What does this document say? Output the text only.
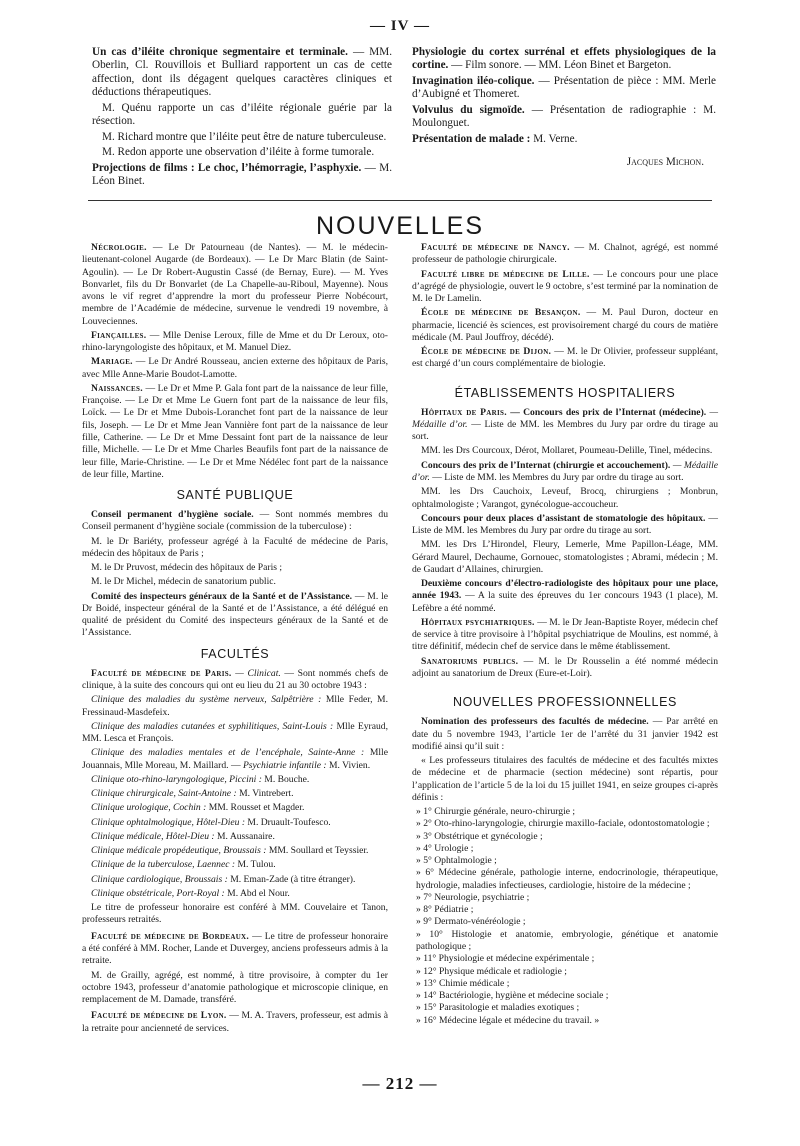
— IV —

Un cas d’iléite chronique segmentaire et terminale. — MM. Oberlin, Cl. Rouvillois et Bulliard rapportent un cas de cette affection, dont ils dégagent quelques caractères cliniques et déductions thérapeutiques.

M. Quénu rapporte un cas d’iléite régionale guérie par la résection.

M. Richard montre que l’iléite peut être de nature tuberculeuse.

M. Redon apporte une observation d’iléite à forme tumorale.

Projections de films : Le choc, l’hémorragie, l’asphyxie. — M. Léon Binet.

Physiologie du cortex surrénal et effets physiologiques de la cortine. — Film sonore. — MM. Léon Binet et Bargeton.

Invagination iléo-colique. — Présentation de pièce : MM. Merle d’Aubigné et Thomeret.

Volvulus du sigmoïde. — Présentation de radiographie : M. Moulonguet.

Présentation de malade : M. Verne.

Jacques Michon.
NOUVELLES

Nécrologie. — Le Dr Patourneau (de Nantes). — M. le médecin-lieutenant-colonel Augarde (de Bordeaux). — Le Dr Marc Blatin (de Saint-Agoulin). — Le Dr Robert-Augustin Cassé (de Bernay, Eure). — M. Yves Bonvarlet, fils du Dr Bonvarlet (de La Chapelle-au-Riboul, Mayenne). Nous avons le vif regret d’apprendre la mort du professeur Pierre Nobécourt, membre de l’Académie de médecine, survenue le vendredi 19 novembre, à Louveciennes.

Fiançailles. — Mlle Denise Leroux, fille de Mme et du Dr Leroux, oto-rhino-laryngologiste des hôpitaux, et M. Manuel Diez.

Mariage. — Le Dr André Rousseau, ancien externe des hôpitaux de Paris, avec Mlle Anne-Marie Boudot-Lamotte.

Naissances. — Le Dr et Mme P. Gala font part de la naissance de leur fille, Françoise. — Le Dr et Mme Le Guern font part de la naissance de leur fils, Loïck. — Le Dr et Mme Dubois-Loranchet font part de la naissance de leur fils, Joseph. — Le Dr et Mme Jean Vannière font part de la naissance de leur fille, Catherine. — Le Dr et Mme Dessaint font part de la naissance de leur fille, Michelle. — Le Dr et Mme Charles Beaufils font part de la naissance de leur fille, Marie-Christine. — Le Dr et Mme Nédélec font part de la naissance de leur fille, Martine.

SANTÉ PUBLIQUE

Conseil permanent d’hygiène sociale. — Sont nommés membres du Conseil permanent d’hygiène sociale (commission de la tuberculose) :

M. le Dr Bariéty, professeur agrégé à la Faculté de médecine de Paris, médecin des hôpitaux de Paris ;

M. le Dr Pruvost, médecin des hôpitaux de Paris ;

M. le Dr Michel, médecin de sanatorium public.

Comité des inspecteurs généraux de la Santé et de l’Assistance. — M. le Dr Boidé, inspecteur général de la Santé et de l’Assistance, a été délégué en qualité de président du Comité des inspecteurs généraux de la Santé et de l’Assistance.

FACULTÉS

Faculté de médecine de Paris. — Clinicat. — Sont nommés chefs de clinique, à la suite des concours qui ont eu lieu du 21 au 30 octobre 1943 :

Clinique des maladies du système nerveux, Salpêtrière : Mlle Feder, M. Fressinaud-Masdefeix.

Clinique des maladies cutanées et syphilitiques, Saint-Louis : Mlle Eyraud, MM. Lesca et François.

Clinique des maladies mentales et de l’encéphale, Sainte-Anne : Mlle Jouannais, Mlle Moreau, M. Maillard. — Psychiatrie infantile : M. Vivien.

Clinique oto-rhino-laryngologique, Piccini : M. Bouche.

Clinique chirurgicale, Saint-Antoine : M. Vintrebert.

Clinique urologique, Cochin : MM. Rousset et Magder.

Clinique ophtalmologique, Hôtel-Dieu : M. Druault-Toufesco.

Clinique médicale, Hôtel-Dieu : M. Aussanaire.

Clinique médicale propédeutique, Broussais : MM. Soullard et Teyssier.

Clinique de la tuberculose, Laennec : M. Tulou.

Clinique cardiologique, Broussais : M. Eman-Zade (à titre étranger).

Clinique obstétricale, Port-Royal : M. Abd el Nour.

Le titre de professeur honoraire est conféré à MM. Couvelaire et Tanon, professeurs retraités.

Faculté de médecine de Bordeaux. — Le titre de professeur honoraire a été conféré à MM. Rocher, Lande et Duvergey, anciens professeurs admis à la retraite.

M. de Grailly, agrégé, est nommé, à titre provisoire, à compter du 1er octobre 1943, professeur d’anatomie pathologique et microscopie clinique, en remplacement de M. Damade, transféré.

Faculté de médecine de Lyon. — M. A. Travers, professeur, est admis à la retraite pour ancienneté de services.

Faculté de médecine de Nancy. — M. Chalnot, agrégé, est nommé professeur de pathologie chirurgicale.

Faculté libre de médecine de Lille. — Le concours pour une place d’agrégé de physiologie, ouvert le 9 octobre, s’est terminé par la nomination de M. le Dr Lamelin.

École de médecine de Besançon. — M. Paul Duron, docteur en pharmacie, licencié ès sciences, est provisoirement chargé du cours de matière médicale (M. Paul Jouffroy, décédé).

École de médecine de Dijon. — M. le Dr Olivier, professeur suppléant, est chargé d’un cours complémentaire de biologie.

ÉTABLISSEMENTS HOSPITALIERS

Hôpitaux de Paris. — Concours des prix de l’Internat (médecine). — Médaille d’or. — Liste de MM. les Membres du Jury par ordre du tirage au sort.

MM. les Drs Courcoux, Dérot, Mollaret, Poumeau-Delille, Tinel, médecins.

Concours des prix de l’Internat (chirurgie et accouchement). — Médaille d’or. — Liste de MM. les Membres du Jury par ordre du tirage au sort.

MM. les Drs Cauchoix, Leveuf, Brocq, chirurgiens ; Monbrun, ophtalmologiste ; Varangot, gynécologue-accoucheur.

Concours pour deux places d’assistant de stomatologie des hôpitaux. — Liste de MM. les Membres du Jury par ordre du tirage au sort.

MM. les Drs L’Hirondel, Fleury, Lemerle, Mme Papillon-Léage, MM. Gérard Maurel, Dechaume, Gornouec, stomatologistes ; Abrami, médecin ; M. de Gaudart d’Allaines, chirurgien.

Deuxième concours d’électro-radiologiste des hôpitaux pour une place, année 1943. — A la suite des épreuves du 1er concours 1943 (1 place), M. Lefèbre a été nommé.

Hôpitaux psychiatriques. — M. le Dr Jean-Baptiste Royer, médecin chef de service à titre provisoire à l’hôpital psychiatrique de Moulins, est nommé, à titre définitif, médecin chef de service dans le même établissement.

Sanatoriums publics. — M. le Dr Rousselin a été nommé médecin adjoint au sanatorium de Dreux (Eure-et-Loir).

NOUVELLES PROFESSIONNELLES

Nomination des professeurs des facultés de médecine. — Par arrêté en date du 5 novembre 1943, l’article 1er de l’arrêté du 31 janvier 1942 est modifié ainsi qu’il suit :

« Les professeurs titulaires des facultés de médecine et des facultés mixtes de médecine et de pharmacie (section médecine) sont répartis, pour l’application de l’article 5 de la loi du 15 juillet 1941, en seize groupes ci-après définis :

» 1° Chirurgie générale, neuro-chirurgie ;

» 2° Oto-rhino-laryngologie, chirurgie maxillo-faciale, odontostomatologie ;

» 3° Obstétrique et gynécologie ;

» 4° Urologie ;

» 5° Ophtalmologie ;

» 6° Médecine générale, pathologie interne, endocrinologie, thérapeutique, hydrologie, maladies infectieuses, cardiologie, histoire de la médecine ;

» 7° Neurologie, psychiatrie ;

» 8° Pédiatrie ;

» 9° Dermato-vénéréologie ;

» 10° Histologie et anatomie, embryologie, génétique et anatomie pathologique ;

» 11° Physiologie et médecine expérimentale ;

» 12° Physique médicale et radiologie ;

» 13° Chimie médicale ;

» 14° Bactériologie, hygiène et médecine sociale ;

» 15° Parasitologie et maladies exotiques ;

» 16° Médecine légale et médecine du travail. »

— 212 —
